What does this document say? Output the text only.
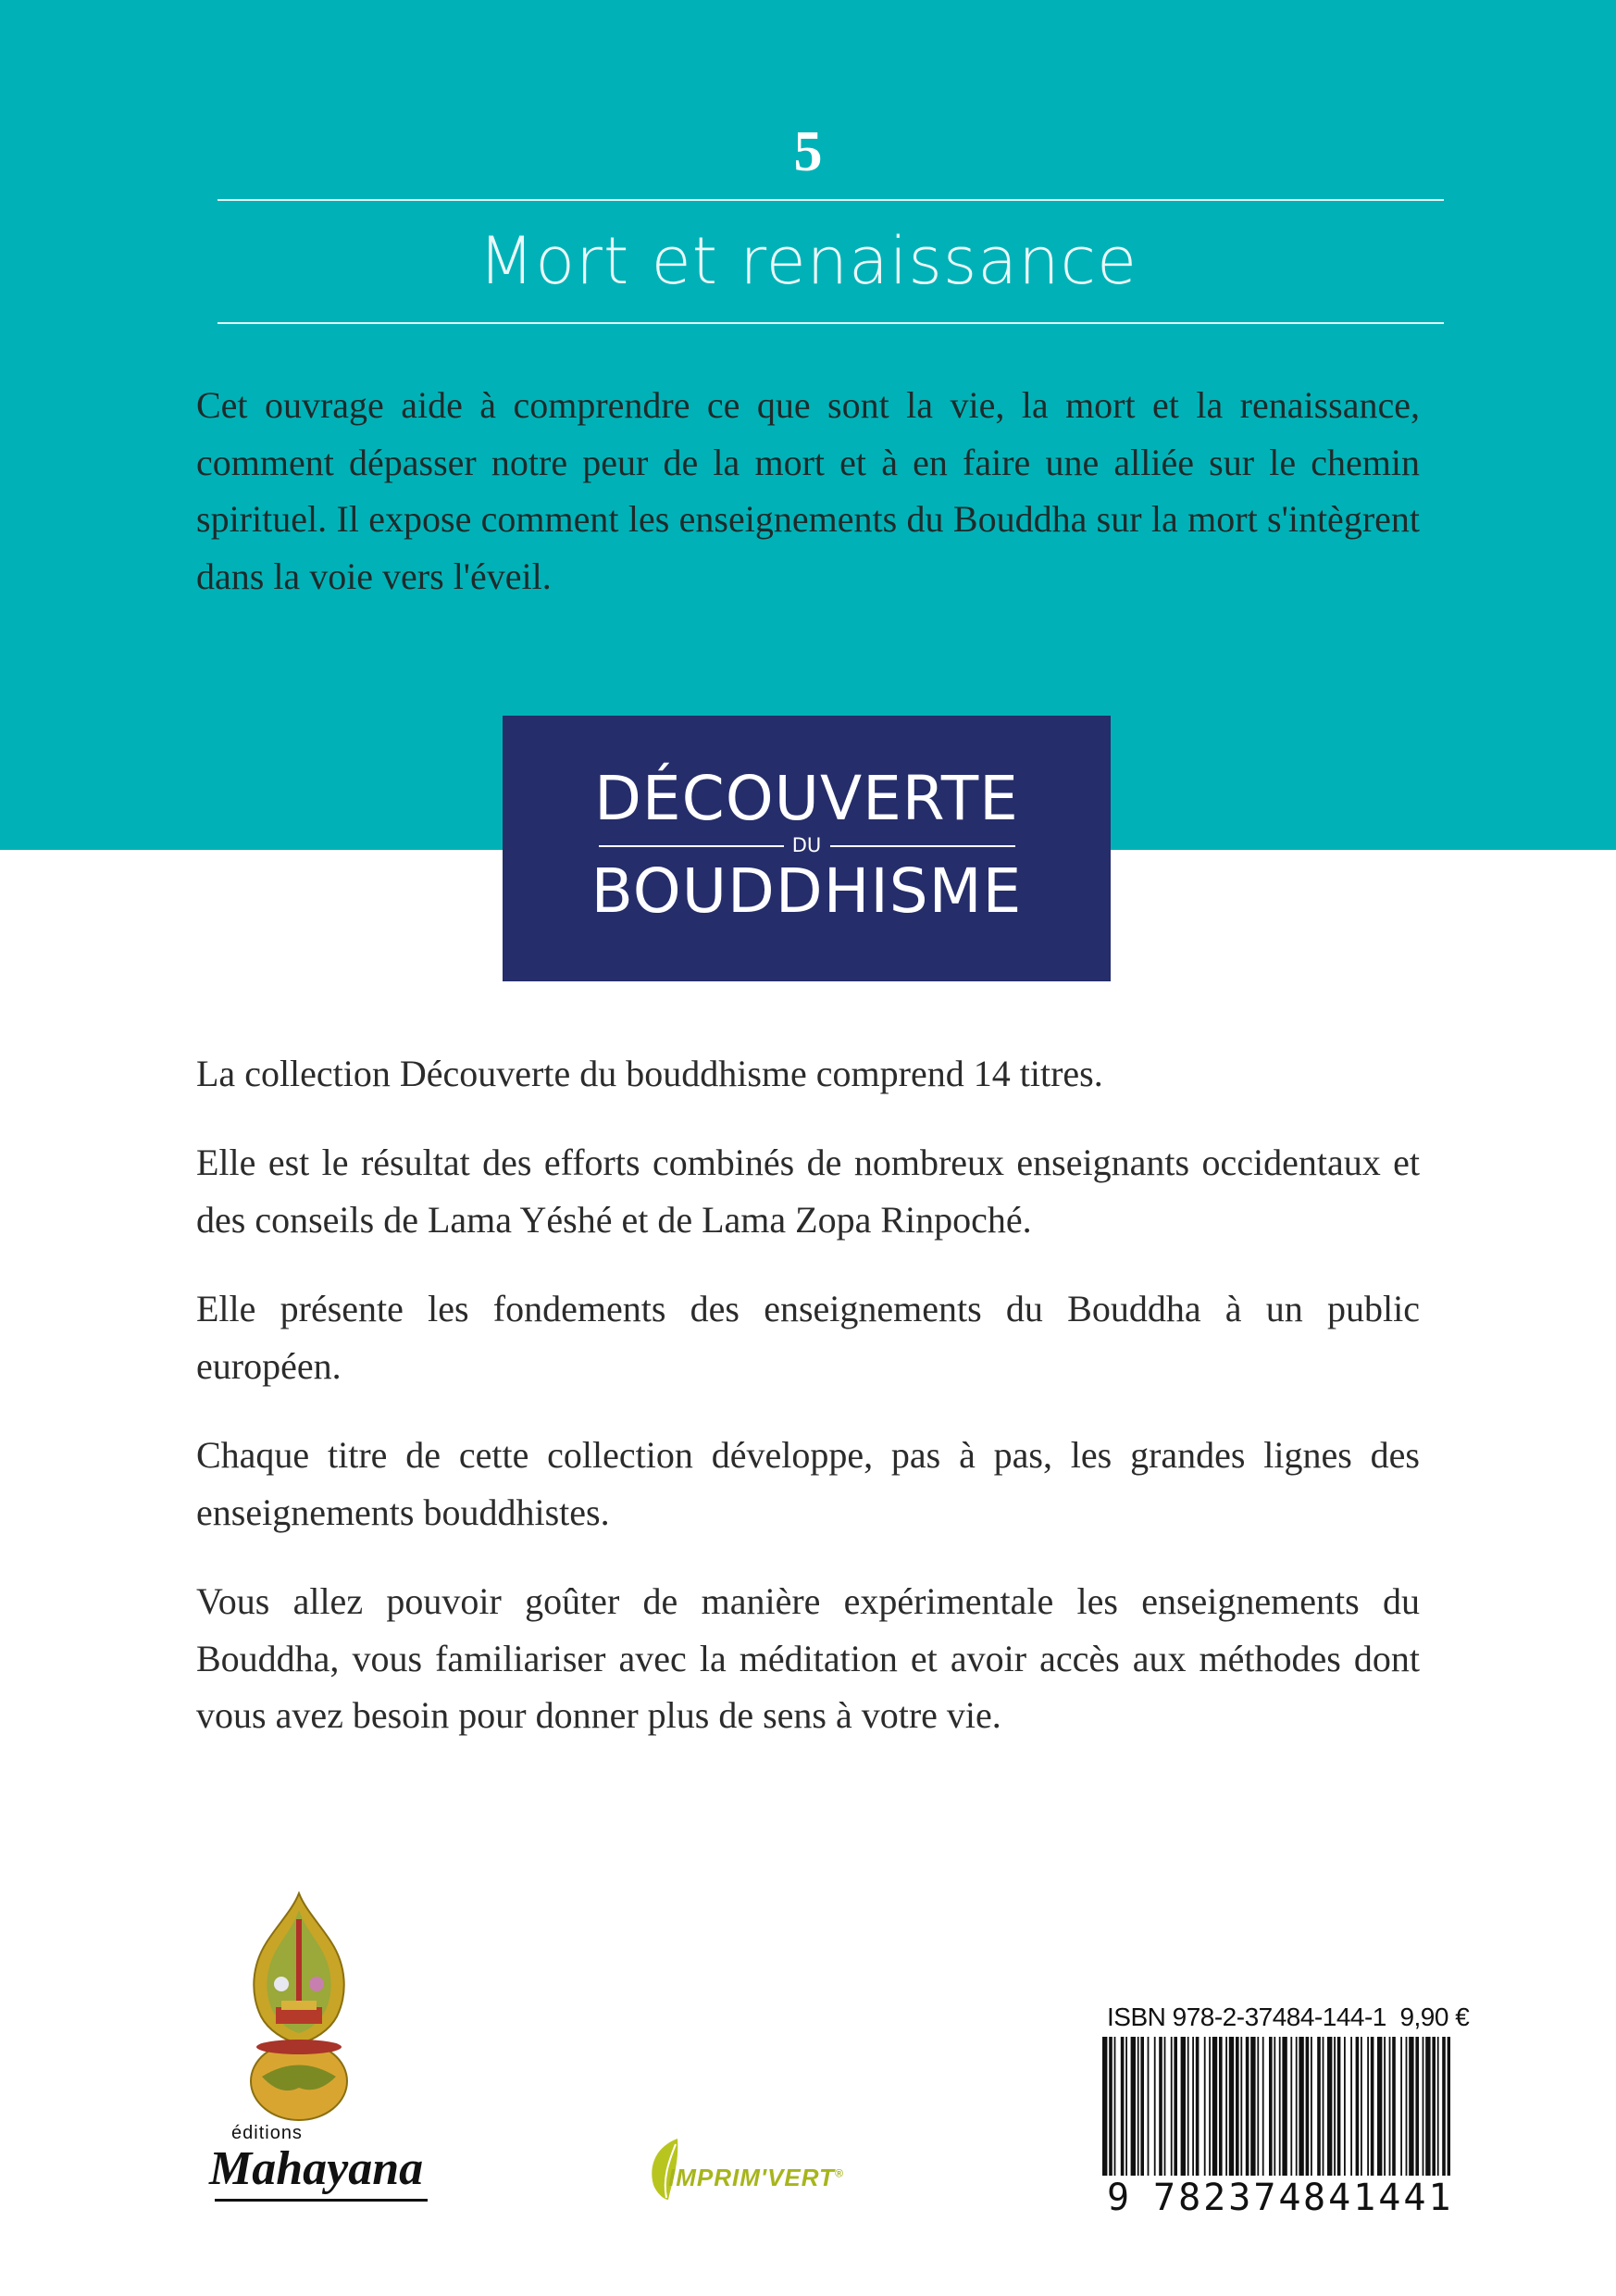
5
Mort et renaissance
Cet ouvrage aide à comprendre ce que sont la vie, la mort et la renaissance, comment dépasser notre peur de la mort et à en faire une alliée sur le chemin spirituel. Il expose comment les enseignements du Bouddha sur la mort s'intègrent dans la voie vers l'éveil.
DÉCOUVERTE
DU
BOUDDHISME

La collection Découverte du bouddhisme comprend 14 titres.

Elle est le résultat des efforts combinés de nombreux enseignants occidentaux et des conseils de Lama Yéshé et de Lama Zopa Rinpoché.

Elle présente les fondements des enseignements du Bouddha à un public européen.

Chaque titre de cette collection développe, pas à pas, les grandes lignes des enseignements bouddhistes.

Vous allez pouvoir goûter de manière expérimentale les enseignements du Bouddha, vous familiariser avec la méditation et avoir accès aux méthodes dont vous avez besoin pour donner plus de sens à votre vie.

éditions
Mahayana	IMPRIM'VERT®
ISBN 978-2-37484-144-1 9,90 €
9 782374 841441
